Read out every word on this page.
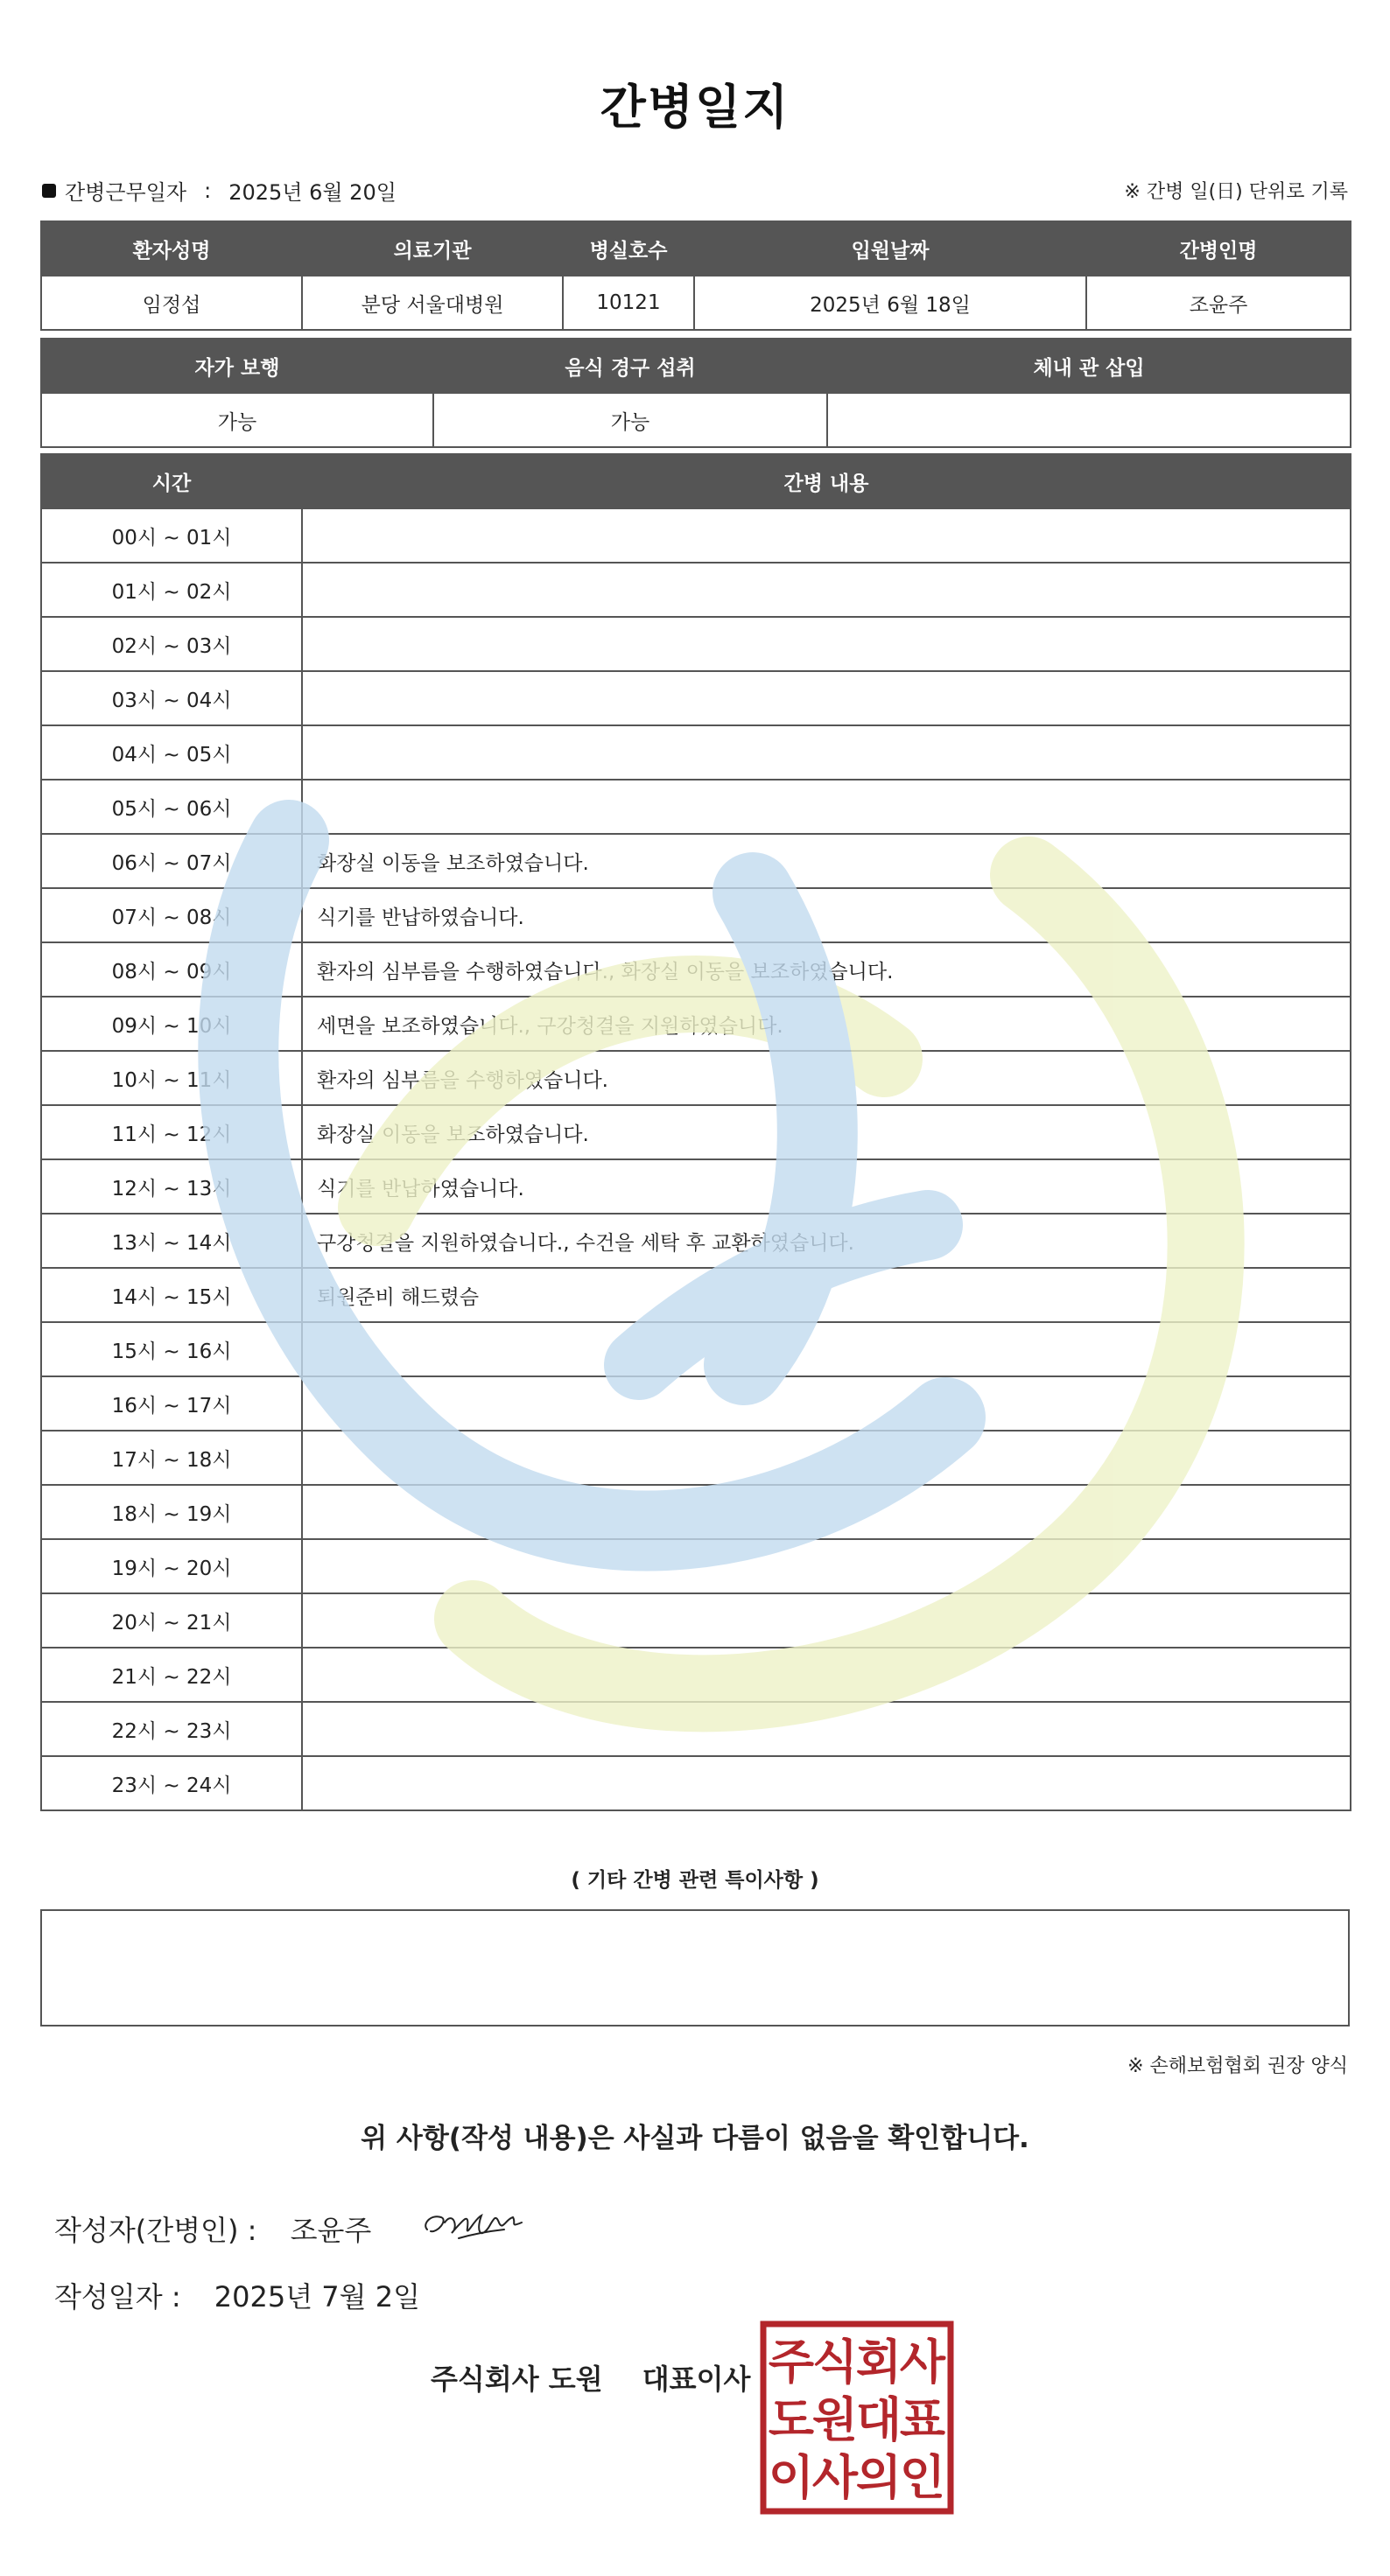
간병일지
간병근무일자 : 2025년 6월 20일	※ 간병 일(日) 단위로 기록
환자성명	의료기관	병실호수	입원날짜	간병인명
임정섭	분당 서울대병원	10121	2025년 6월 18일	조윤주
자가 보행	음식 경구 섭취	체내 관 삽입
가능	가능	
시간	간병 내용
00시 ~ 01시	
01시 ~ 02시	
02시 ~ 03시	
03시 ~ 04시	
04시 ~ 05시	
05시 ~ 06시	
06시 ~ 07시	화장실 이동을 보조하였습니다.
07시 ~ 08시	식기를 반납하였습니다.
08시 ~ 09시	환자의 심부름을 수행하였습니다., 화장실 이동을 보조하였습니다.
09시 ~ 10시	세면을 보조하였습니다., 구강청결을 지원하였습니다.
10시 ~ 11시	환자의 심부름을 수행하였습니다.
11시 ~ 12시	화장실 이동을 보조하였습니다.
12시 ~ 13시	식기를 반납하였습니다.
13시 ~ 14시	구강청결을 지원하였습니다., 수건을 세탁 후 교환하였습니다.
14시 ~ 15시	퇴원준비 해드렸슴
15시 ~ 16시	
16시 ~ 17시	
17시 ~ 18시	
18시 ~ 19시	
19시 ~ 20시	
20시 ~ 21시	
21시 ~ 22시	
22시 ~ 23시	
23시 ~ 24시	
( 기타 간병 관련 특이사항 )
※ 손해보험협회 권장 양식
위 사항(작성 내용)은 사실과 다름이 없음을 확인합니다.
작성자(간병인) : 조윤주
작성일자 : 2025년 7월 2일
주식회사 도원 대표이사 주
식
회
사
도
원
대
표
이
사
의
인
